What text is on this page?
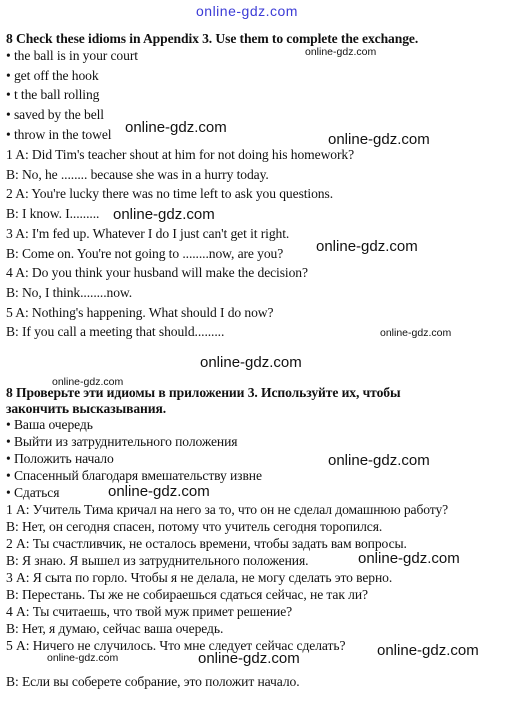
online-gdz.com
8 Check these idioms in Appendix 3. Use them to complete the exchange.
• the ball is in your court
• get off the hook
• t the ball rolling
• saved by the bell
• throw in the towel
1 A: Did Tim's teacher shout at him for not doing his homework?
B: No, he ........ because she was in a hurry today.
2 A: You're lucky there was no time left to ask you questions.
B: I know. I.........
3 A: I'm fed up. Whatever I do I just can't get it right.
B: Come on. You're not going to ........now, are you?
4 A: Do you think your husband will make the decision?
B: No, I think........now.
5 A: Nothing's happening. What should I do now?
B: If you call a meeting that should.........
8 Проверьте эти идиомы в приложении 3. Используйте их, чтобы
закончить высказывания.
• Ваша очередь
• Выйти из затруднительного положения
• Положить начало
• Спасенный благодаря вмешательству извне
• Сдаться
1 А: Учитель Тима кричал на него за то, что он не сделал домашнюю работу?
В: Нет, он сегодня спасен, потому что учитель сегодня торопился.
2 А: Ты счастливчик, не осталось времени, чтобы задать вам вопросы.
В: Я знаю. Я вышел из затруднительного положения.
3 А: Я сыта по горло. Чтобы я не делала, не могу сделать это верно.
В: Перестань. Ты же не собираешься сдаться сейчас, не так ли?
4 А: Ты считаешь, что твой муж примет решение?
В: Нет, я думаю, сейчас ваша очередь.
5 А: Ничего не случилось. Что мне следует сейчас сделать?
В: Если вы соберете собрание, это положит начало.
online-gdz.com
online-gdz.com
online-gdz.com
online-gdz.com
online-gdz.com
online-gdz.com
online-gdz.com
online-gdz.com
online-gdz.com
online-gdz.com
online-gdz.com
online-gdz.com
online-gdz.com	online-gdz.com
